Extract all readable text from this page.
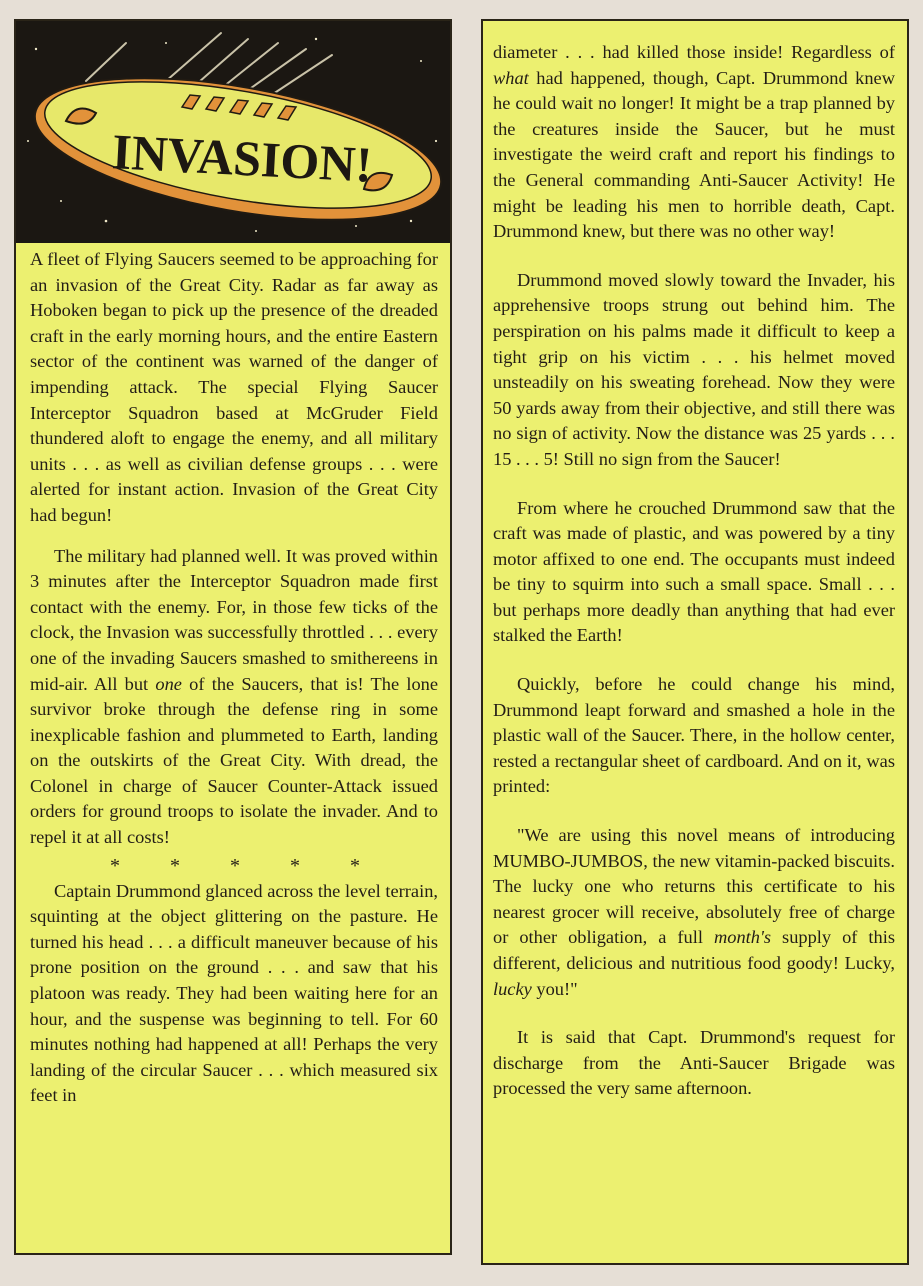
INVASION!

A fleet of Flying Saucers seemed to be approaching for an invasion of the Great City. Radar as far away as Hoboken began to pick up the presence of the dreaded craft in the early morning hours, and the entire Eastern sector of the continent was warned of the danger of impending attack. The special Flying Saucer Interceptor Squadron based at McGruder Field thundered aloft to engage the enemy, and all military units . . . as well as civilian defense groups . . . were alerted for instant action. Invasion of the Great City had begun!

The military had planned well. It was proved within 3 minutes after the Interceptor Squadron made first contact with the enemy. For, in those few ticks of the clock, the Invasion was successfully throttled . . . every one of the invading Saucers smashed to smithereens in mid-air. All but one of the Saucers, that is! The lone survivor broke through the defense ring in some inexplicable fashion and plummeted to Earth, landing on the outskirts of the Great City. With dread, the Colonel in charge of Saucer Counter-Attack issued orders for ground troops to isolate the invader. And to repel it at all costs!

*	*	*	*	*

Captain Drummond glanced across the level terrain, squinting at the object glittering on the pasture. He turned his head . . . a difficult maneuver because of his prone position on the ground . . . and saw that his platoon was ready. They had been waiting here for an hour, and the suspense was beginning to tell. For 60 minutes nothing had happened at all! Perhaps the very landing of the circular Saucer . . . which measured six feet in

diameter . . . had killed those inside! Regardless of what had happened, though, Capt. Drummond knew he could wait no longer! It might be a trap planned by the creatures inside the Saucer, but he must investigate the weird craft and report his findings to the General commanding Anti-Saucer Activity! He might be leading his men to horrible death, Capt. Drummond knew, but there was no other way!

Drummond moved slowly toward the Invader, his apprehensive troops strung out behind him. The perspiration on his palms made it difficult to keep a tight grip on his victim . . . his helmet moved unsteadily on his sweating forehead. Now they were 50 yards away from their objective, and still there was no sign of activity. Now the distance was 25 yards . . . 15 . . . 5! Still no sign from the Saucer!

From where he crouched Drummond saw that the craft was made of plastic, and was powered by a tiny motor affixed to one end. The occupants must indeed be tiny to squirm into such a small space. Small . . . but perhaps more deadly than anything that had ever stalked the Earth!

Quickly, before he could change his mind, Drummond leapt forward and smashed a hole in the plastic wall of the Saucer. There, in the hollow center, rested a rectangular sheet of cardboard. And on it, was printed:

"We are using this novel means of introducing MUMBO-JUMBOS, the new vitamin-packed biscuits. The lucky one who returns this certificate to his nearest grocer will receive, absolutely free of charge or other obligation, a full month's supply of this different, delicious and nutritious food goody! Lucky, lucky you!"

It is said that Capt. Drummond's request for discharge from the Anti-Saucer Brigade was processed the very same afternoon.
